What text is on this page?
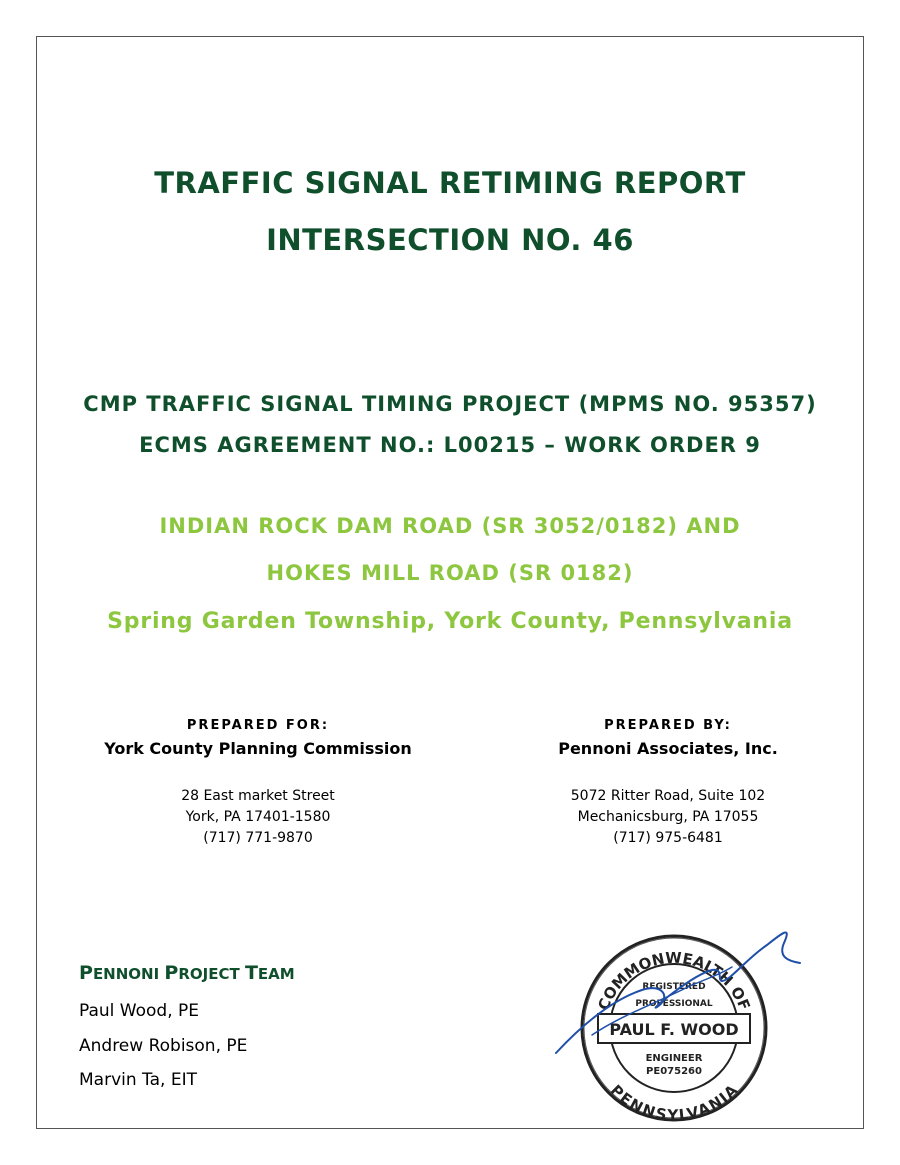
TRAFFIC SIGNAL RETIMING REPORT
INTERSECTION NO. 46
CMP TRAFFIC SIGNAL TIMING PROJECT (MPMS NO. 95357)
ECMS AGREEMENT NO.: L00215 – WORK ORDER 9
INDIAN ROCK DAM ROAD (SR 3052/0182) AND
HOKES MILL ROAD (SR 0182)
Spring Garden Township, York County, Pennsylvania
PREPARED FOR:
York County Planning Commission
28 East market Street
York, PA 17401-1580
(717) 771-9870
PREPARED BY:
Pennoni Associates, Inc.
5072 Ritter Road, Suite 102
Mechanicsburg, PA 17055
(717) 975-6481
PENNONI PROJECT TEAM
Paul Wood, PE
Andrew Robison, PE
Marvin Ta, EIT
COMMONWEALTH OF
PENNSYLVANIA
REGISTERED
PROFESSIONAL
PAUL F. WOOD
ENGINEER
PE075260
